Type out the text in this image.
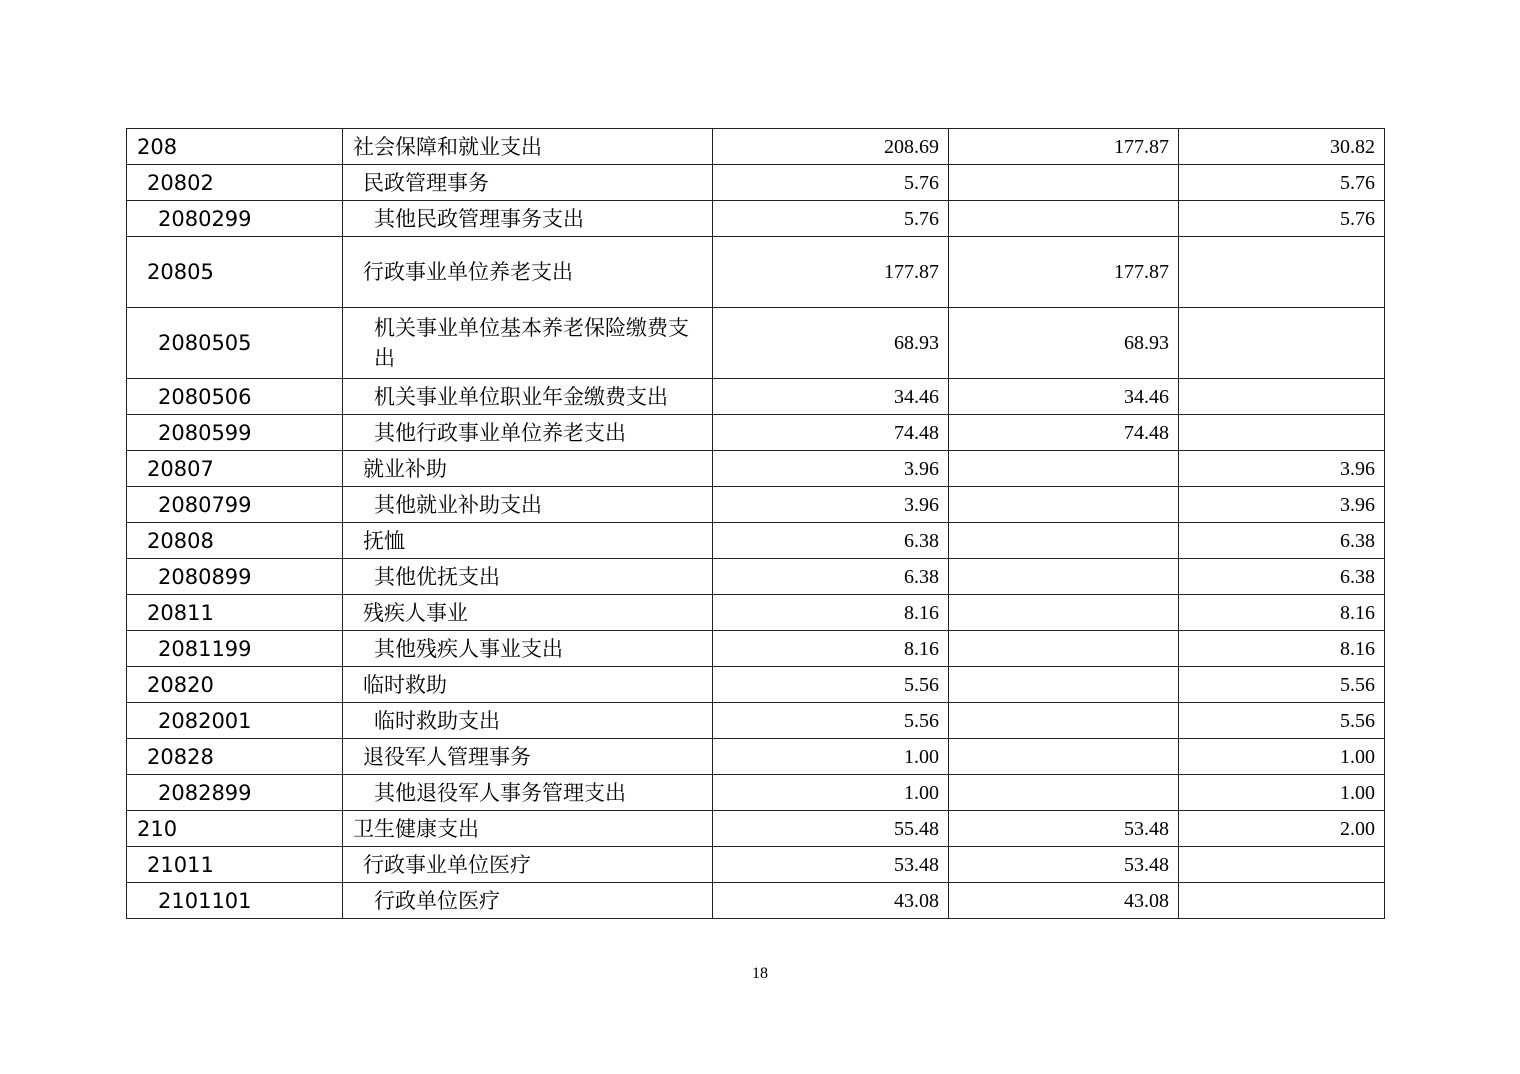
208	社会保障和就业支出	208.69	177.87	30.82
20802	民政管理事务	5.76		5.76
2080299	其他民政管理事务支出	5.76		5.76
20805	行政事业单位养老支出	177.87	177.87	
2080505	机关事业单位基本养老保险缴费支出	68.93	68.93	
2080506	机关事业单位职业年金缴费支出	34.46	34.46	
2080599	其他行政事业单位养老支出	74.48	74.48	
20807	就业补助	3.96		3.96
2080799	其他就业补助支出	3.96		3.96
20808	抚恤	6.38		6.38
2080899	其他优抚支出	6.38		6.38
20811	残疾人事业	8.16		8.16
2081199	其他残疾人事业支出	8.16		8.16
20820	临时救助	5.56		5.56
2082001	临时救助支出	5.56		5.56
20828	退役军人管理事务	1.00		1.00
2082899	其他退役军人事务管理支出	1.00		1.00
210	卫生健康支出	55.48	53.48	2.00
21011	行政事业单位医疗	53.48	53.48	
2101101	行政单位医疗	43.08	43.08	
18
